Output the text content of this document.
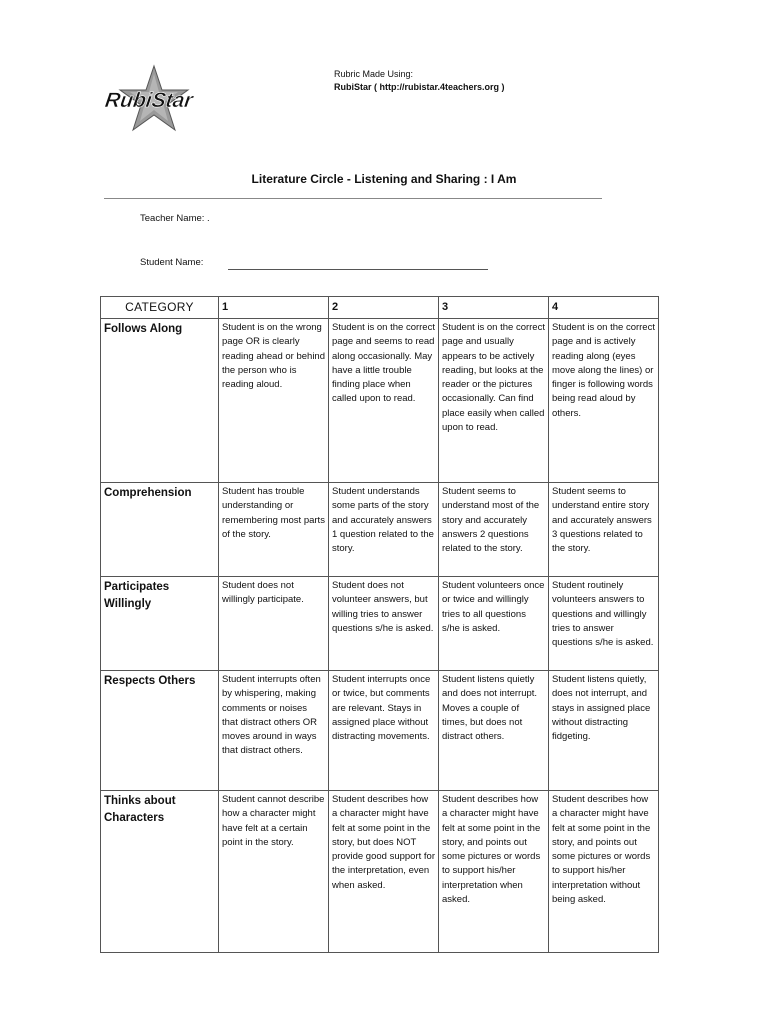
RubiStar
Rubric Made Using:
RubiStar ( http://rubistar.4teachers.org )
Literature Circle - Listening and Sharing : I Am
Teacher Name: .
Student Name:
CATEGORY	1	2	3	4
Follows Along	Student is on the wrong page OR is clearly reading ahead or behind the person who is reading aloud.	Student is on the correct page and seems to read along occasionally. May have a little trouble finding place when called upon to read.	Student is on the correct page and usually appears to be actively reading, but looks at the reader or the pictures occasionally. Can find place easily when called upon to read.	Student is on the correct page and is actively reading along (eyes move along the lines) or finger is following words being read aloud by others.
Comprehension	Student has trouble understanding or remembering most parts of the story.	Student understands some parts of the story and accurately answers 1 question related to the story.	Student seems to understand most of the story and accurately answers 2 questions related to the story.	Student seems to understand entire story and accurately answers 3 questions related to the story.
Participates Willingly	Student does not willingly participate.	Student does not volunteer answers, but willing tries to answer questions s/he is asked.	Student volunteers once or twice and willingly tries to all questions s/he is asked.	Student routinely volunteers answers to questions and willingly tries to answer questions s/he is asked.
Respects Others	Student interrupts often by whispering, making comments or noises that distract others OR moves around in ways that distract others.	Student interrupts once or twice, but comments are relevant. Stays in assigned place without distracting movements.	Student listens quietly and does not interrupt. Moves a couple of times, but does not distract others.	Student listens quietly, does not interrupt, and stays in assigned place without distracting fidgeting.
Thinks about Characters	Student cannot describe how a character might have felt at a certain point in the story.	Student describes how a character might have felt at some point in the story, but does NOT provide good support for the interpretation, even when asked.	Student describes how a character might have felt at some point in the story, and points out some pictures or words to support his/her interpretation when asked.	Student describes how a character might have felt at some point in the story, and points out some pictures or words to support his/her interpretation without being asked.
